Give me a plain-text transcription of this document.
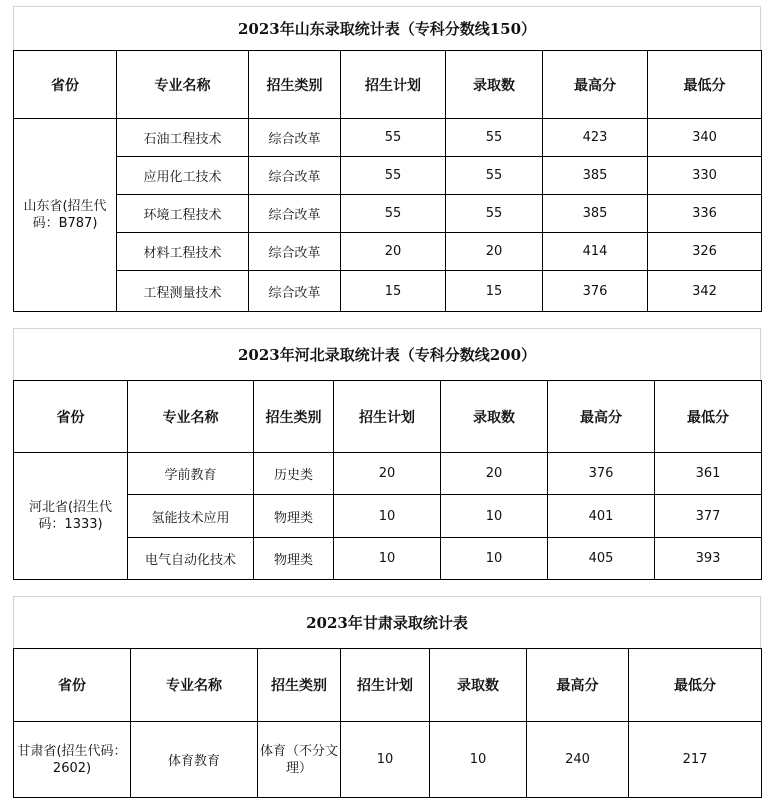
2023年山东录取统计表（专科分数线150）
省份	专业名称	招生类别	招生计划	录取数	最高分	最低分
山东省(招生代码：B787)	石油工程技术	综合改革	55	55	423	340
	应用化工技术	综合改革	55	55	385	330
	环境工程技术	综合改革	55	55	385	336
	材料工程技术	综合改革	20	20	414	326
	工程测量技术	综合改革	15	15	376	342
2023年河北录取统计表（专科分数线200）
省份	专业名称	招生类别	招生计划	录取数	最高分	最低分
河北省(招生代码：1333)	学前教育	历史类	20	20	376	361
	氢能技术应用	物理类	10	10	401	377
	电气自动化技术	物理类	10	10	405	393
2023年甘肃录取统计表
省份	专业名称	招生类别	招生计划	录取数	最高分	最低分
甘肃省(招生代码：2602)	体育教育	体育（不分文理）	10	10	240	217
